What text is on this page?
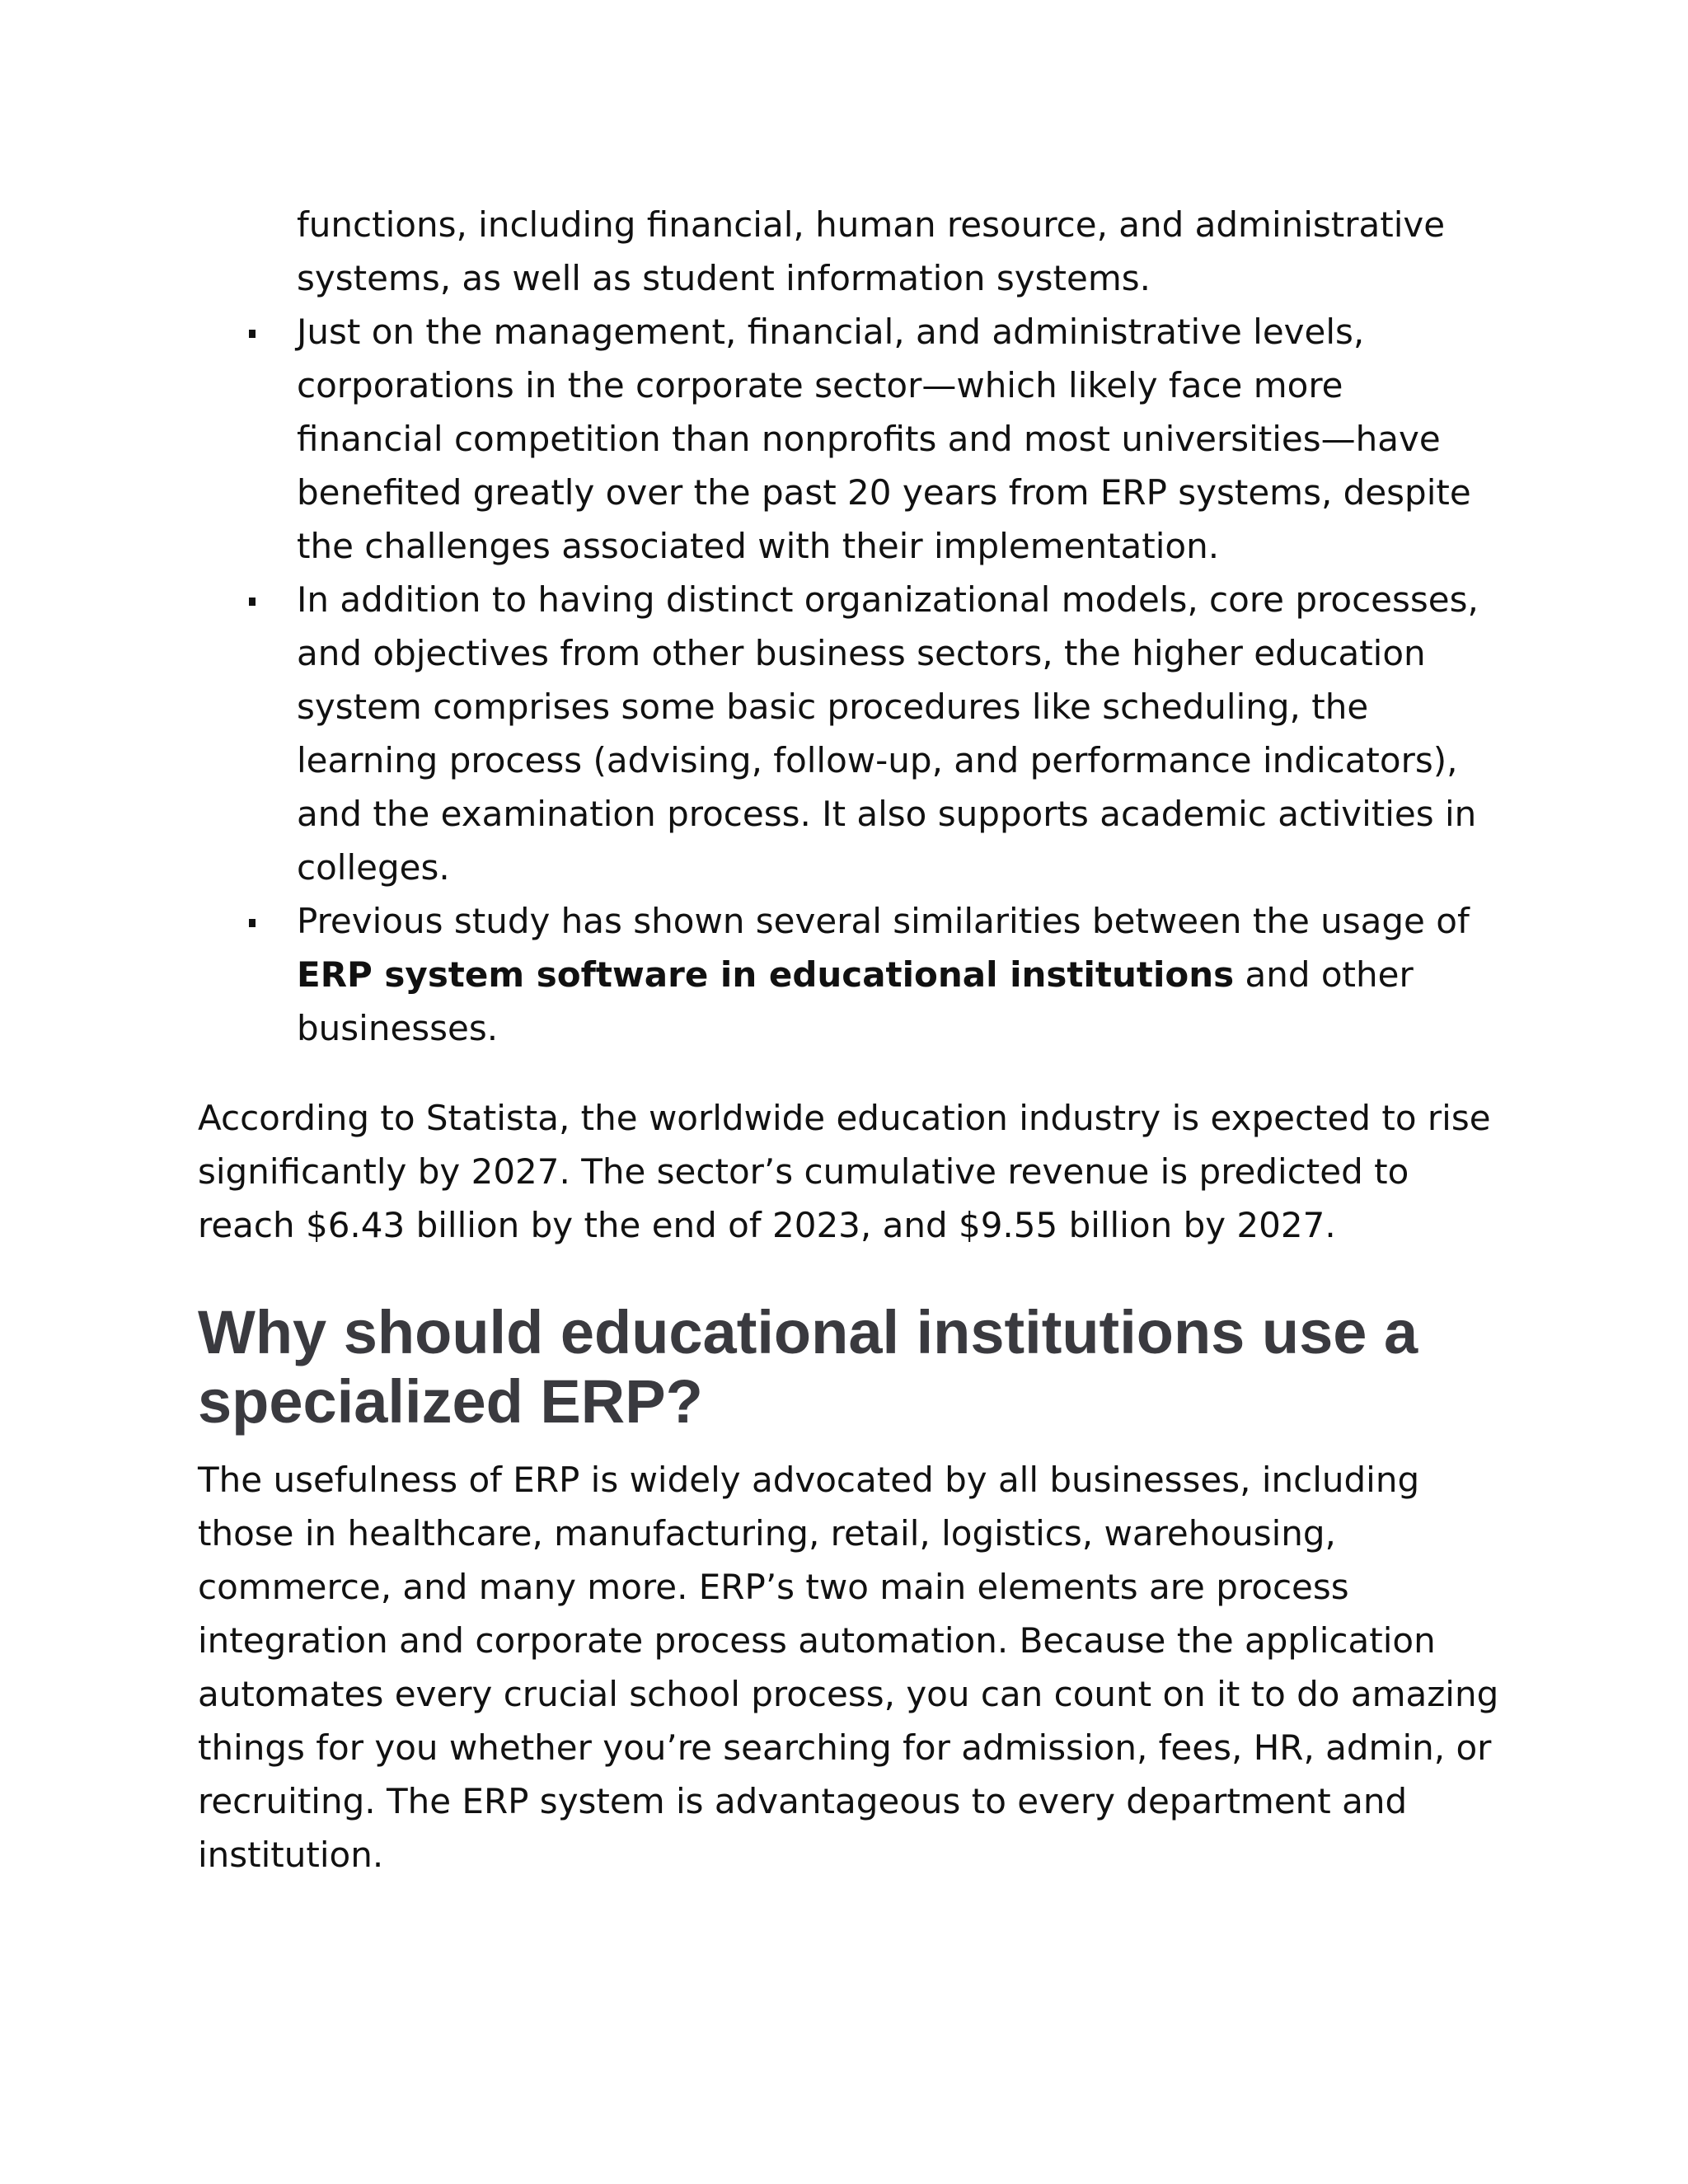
functions, including financial, human resource, and administrative systems, as well as student information systems.
Just on the management, financial, and administrative levels, corporations in the corporate sector—which likely face more financial competition than nonprofits and most universities—have benefited greatly over the past 20 years from ERP systems, despite the challenges associated with their implementation.
In addition to having distinct organizational models, core processes, and objectives from other business sectors, the higher education system comprises some basic procedures like scheduling, the learning process (advising, follow-up, and performance indicators), and the examination process. It also supports academic activities in colleges.
Previous study has shown several similarities between the usage of ERP system software in educational institutions and other businesses.

According to Statista, the worldwide education industry is expected to rise significantly by 2027. The sector’s cumulative revenue is predicted to reach $6.43 billion by the end of 2023, and $9.55 billion by 2027.

Why should educational institutions use a specialized ERP?

The usefulness of ERP is widely advocated by all businesses, including those in healthcare, manufacturing, retail, logistics, warehousing, commerce, and many more. ERP’s two main elements are process integration and corporate process automation. Because the application automates every crucial school process, you can count on it to do amazing things for you whether you’re searching for admission, fees, HR, admin, or recruiting. The ERP system is advantageous to every department and institution.
